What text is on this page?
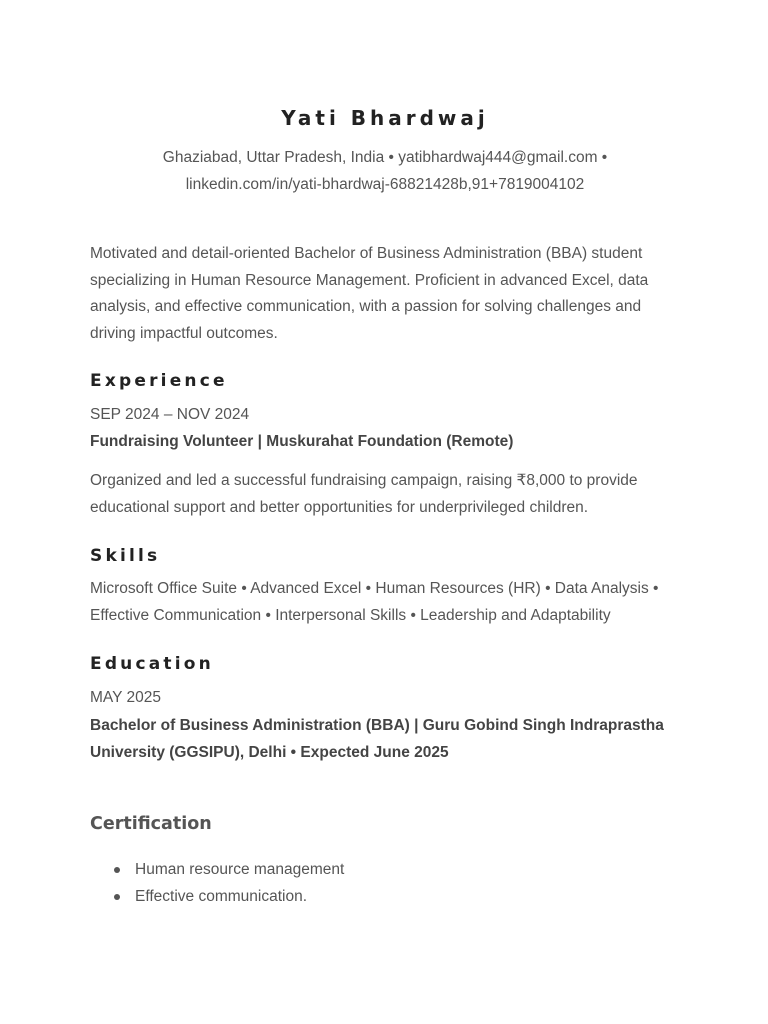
Yati Bhardwaj
Ghaziabad, Uttar Pradesh, India • yatibhardwaj444@gmail.com •
linkedin.com/in/yati-bhardwaj-68821428b,91+7819004102
Motivated and detail-oriented Bachelor of Business Administration (BBA) student specializing in Human Resource Management. Proficient in advanced Excel, data analysis, and effective communication, with a passion for solving challenges and driving impactful outcomes.
Experience
SEP 2024 – NOV 2024
Fundraising Volunteer | Muskurahat Foundation (Remote)
Organized and led a successful fundraising campaign, raising ₹8,000 to provide educational support and better opportunities for underprivileged children.
Skills
Microsoft Office Suite • Advanced Excel • Human Resources (HR) • Data Analysis • Effective Communication • Interpersonal Skills • Leadership and Adaptability
Education
MAY 2025
Bachelor of Business Administration (BBA) | Guru Gobind Singh Indraprastha University (GGSIPU), Delhi • Expected June 2025
Certification
Human resource management
Effective communication.
